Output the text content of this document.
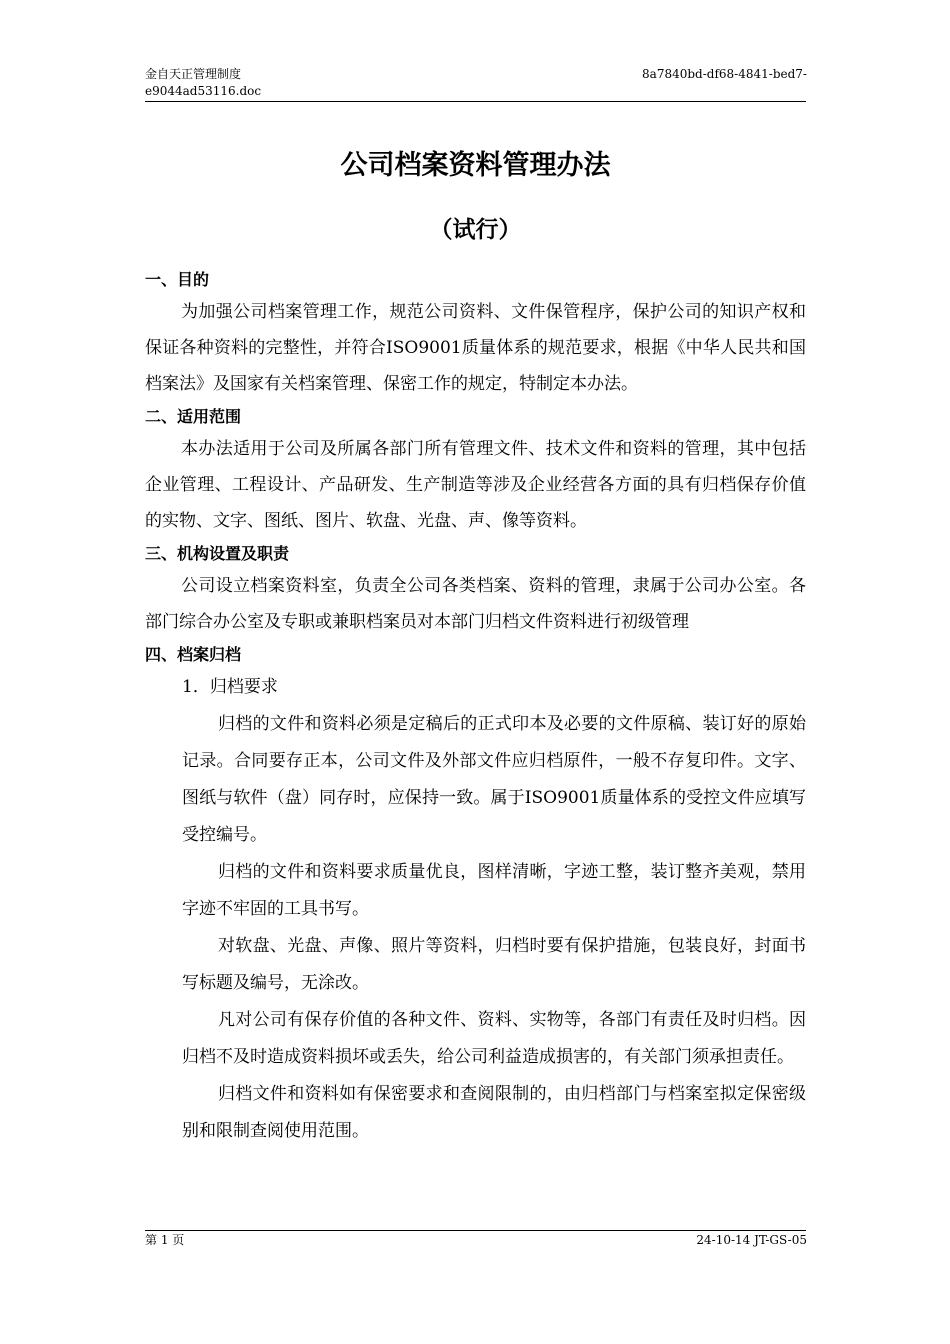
金自天正管理制度
e9044ad53116.doc
8a7840bd-df68-4841-bed7-
公司档案资料管理办法
（试行）
一、目的

为加强公司档案管理工作，规范公司资料、文件保管程序，保护公司的知识产权和保证各种资料的完整性，并符合ISO9001质量体系的规范要求，根据《中华人民共和国档案法》及国家有关档案管理、保密工作的规定，特制定本办法。

二、适用范围

本办法适用于公司及所属各部门所有管理文件、技术文件和资料的管理，其中包括企业管理、工程设计、产品研发、生产制造等涉及企业经营各方面的具有归档保存价值的实物、文字、图纸、图片、软盘、光盘、声、像等资料。

三、机构设置及职责

公司设立档案资料室，负责全公司各类档案、资料的管理，隶属于公司办公室。各部门综合办公室及专职或兼职档案员对本部门归档文件资料进行初级管理

四、档案归档
1．归档要求

归档的文件和资料必须是定稿后的正式印本及必要的文件原稿、装订好的原始记录。合同要存正本，公司文件及外部文件应归档原件，一般不存复印件。文字、图纸与软件（盘）同存时，应保持一致。属于ISO9001质量体系的受控文件应填写受控编号。

归档的文件和资料要求质量优良，图样清晰，字迹工整，装订整齐美观，禁用字迹不牢固的工具书写。

对软盘、光盘、声像、照片等资料，归档时要有保护措施，包装良好，封面书写标题及编号，无涂改。

凡对公司有保存价值的各种文件、资料、实物等，各部门有责任及时归档。因归档不及时造成资料损坏或丢失，给公司利益造成损害的，有关部门须承担责任。

归档文件和资料如有保密要求和查阅限制的，由归档部门与档案室拟定保密级别和限制查阅使用范围。

第 1 页	24-10-14 JT-GS-05
